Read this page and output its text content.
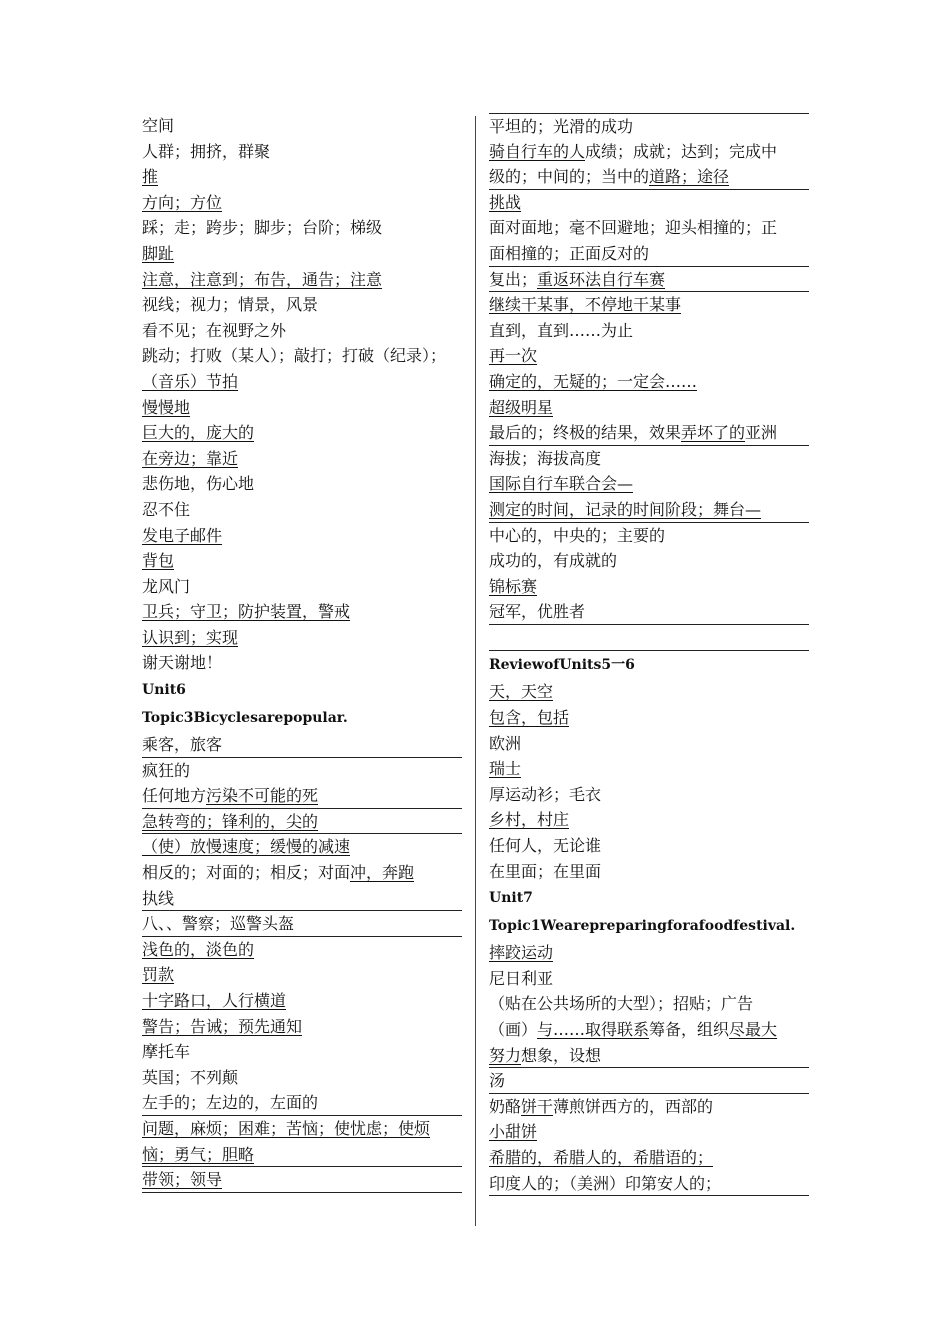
空间
人群；拥挤，群聚
推
方向；方位
踩；走；跨步；脚步；台阶；梯级
脚趾
注意，注意到；布告，通告；注意
视线；视力；情景，风景
看不见；在视野之外
跳动；打败（某人）；敲打；打破（纪录）；
（音乐）节拍
慢慢地
巨大的，庞大的
在旁边；靠近
悲伤地，伤心地
忍不住
发电子邮件
背包
龙风门
卫兵；守卫；防护装置，警戒
认识到；实现
谢天谢地！
Unit6
Topic3Bicyclesarepopular.
乘客，旅客
疯狂的
任何地方污染不可能的死
急转弯的；锋利的，尖的
（使）放慢速度；缓慢的减速
相反的；对面的；相反；对面冲，奔跑
执线
八、、警察；巡警头盔
浅色的，淡色的
罚款
十字路口，人行横道
警告；告诫；预先通知
摩托车
英国；不列颠
左手的；左边的，左面的
问题，麻烦；困难；苦恼；使忧虑；使烦
恼；勇气；胆略
带领；领导
平坦的；光滑的成功
骑自行车的人成绩；成就；达到；完成中
级的；中间的；当中的道路；途径
挑战
面对面地；毫不回避地；迎头相撞的；正
面相撞的；正面反对的
复出；重返环法自行车赛
继续干某事，不停地干某事
直到，直到……为止
再一次
确定的，无疑的；一定会……
超级明星
最后的；终极的结果，效果弄坏了的亚洲
海拔；海拔高度
国际自行车联合会—
测定的时间，记录的时间阶段；舞台—
中心的，中央的；主要的
成功的，有成就的
锦标赛
冠军，优胜者
ReviewofUnits5一6
天，天空
包含，包括
欧洲
瑞士
厚运动衫；毛衣
乡村，村庄
任何人，无论谁
在里面；在里面
Unit7
Topic1Wearepreparingforafoodfestival.
摔跤运动
尼日利亚
（贴在公共场所的大型）；招贴；广告
（画）与……取得联系筹备，组织尽最大
努力想象，设想
汤
奶酪饼干薄煎饼西方的，西部的
小甜饼
希腊的，希腊人的，希腊语的；
印度人的；（美洲）印第安人的；
